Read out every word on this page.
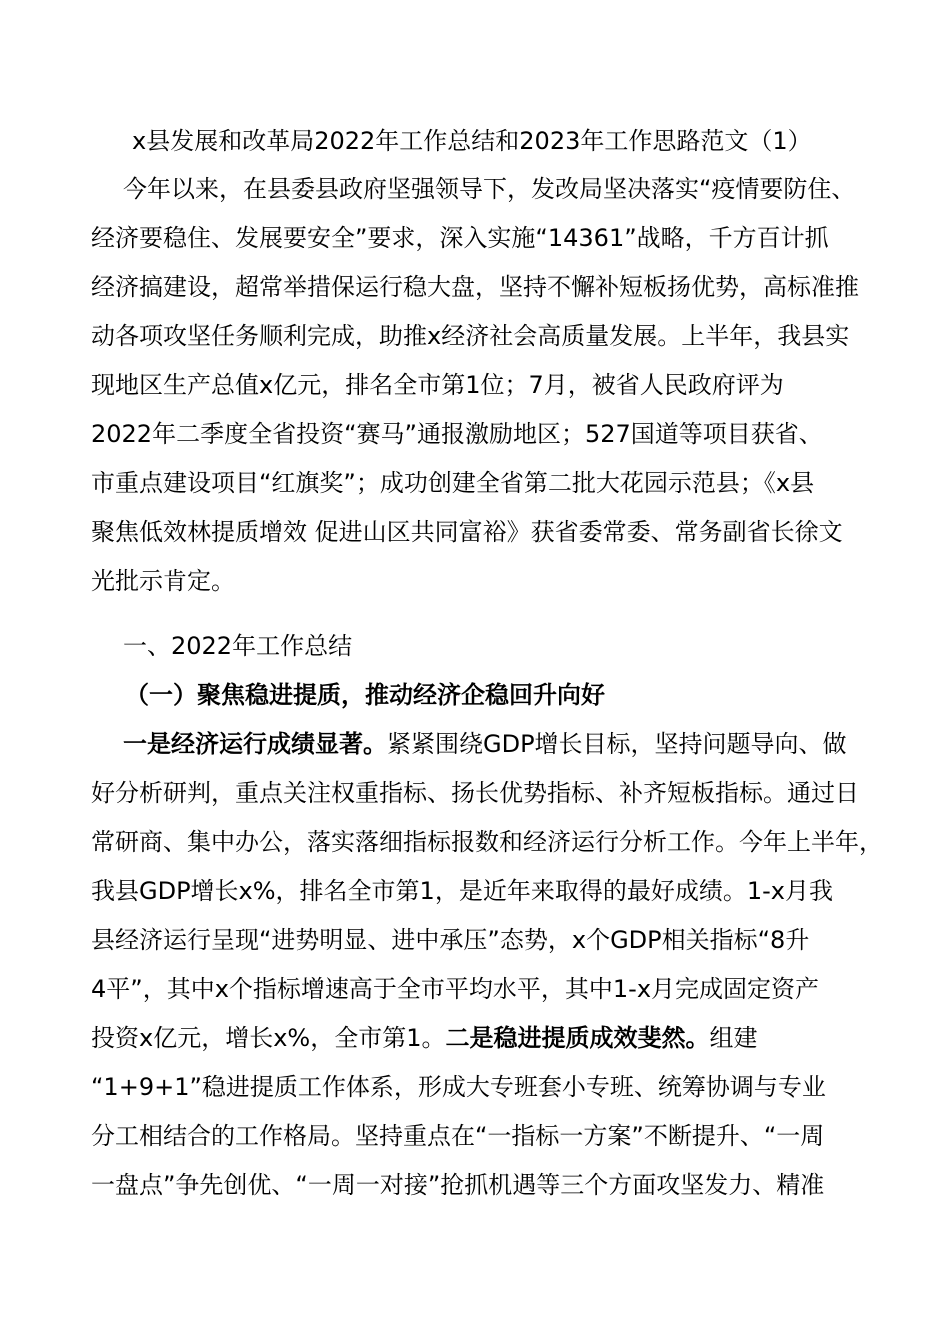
x县发展和改革局2022年工作总结和2023年工作思路范文（1）
今年以来，在县委县政府坚强领导下，发改局坚决落实“疫情要防住、
经济要稳住、发展要安全”要求，深入实施“14361”战略，千方百计抓
经济搞建设，超常举措保运行稳大盘，坚持不懈补短板扬优势，高标准推
动各项攻坚任务顺利完成，助推x经济社会高质量发展。上半年，我县实
现地区生产总值x亿元，排名全市第1位；7月，被省人民政府评为
2022年二季度全省投资“赛马”通报激励地区；527国道等项目获省、
市重点建设项目“红旗奖”；成功创建全省第二批大花园示范县；《x县
聚焦低效林提质增效 促进山区共同富裕》获省委常委、常务副省长徐文
光批示肯定。
一、2022年工作总结
（一）聚焦稳进提质，推动经济企稳回升向好
一是经济运行成绩显著。紧紧围绕GDP增长目标，坚持问题导向、做
好分析研判，重点关注权重指标、扬长优势指标、补齐短板指标。通过日
常研商、集中办公，落实落细指标报数和经济运行分析工作。今年上半年，
我县GDP增长x%，排名全市第1，是近年来取得的最好成绩。1-x月我
县经济运行呈现“进势明显、进中承压”态势，x个GDP相关指标“8升
4平”，其中x个指标增速高于全市平均水平，其中1-x月完成固定资产
投资x亿元，增长x%，全市第1。二是稳进提质成效斐然。组建
“1+9+1”稳进提质工作体系，形成大专班套小专班、统筹协调与专业
分工相结合的工作格局。坚持重点在“一指标一方案”不断提升、“一周
一盘点”争先创优、“一周一对接”抢抓机遇等三个方面攻坚发力、精准
